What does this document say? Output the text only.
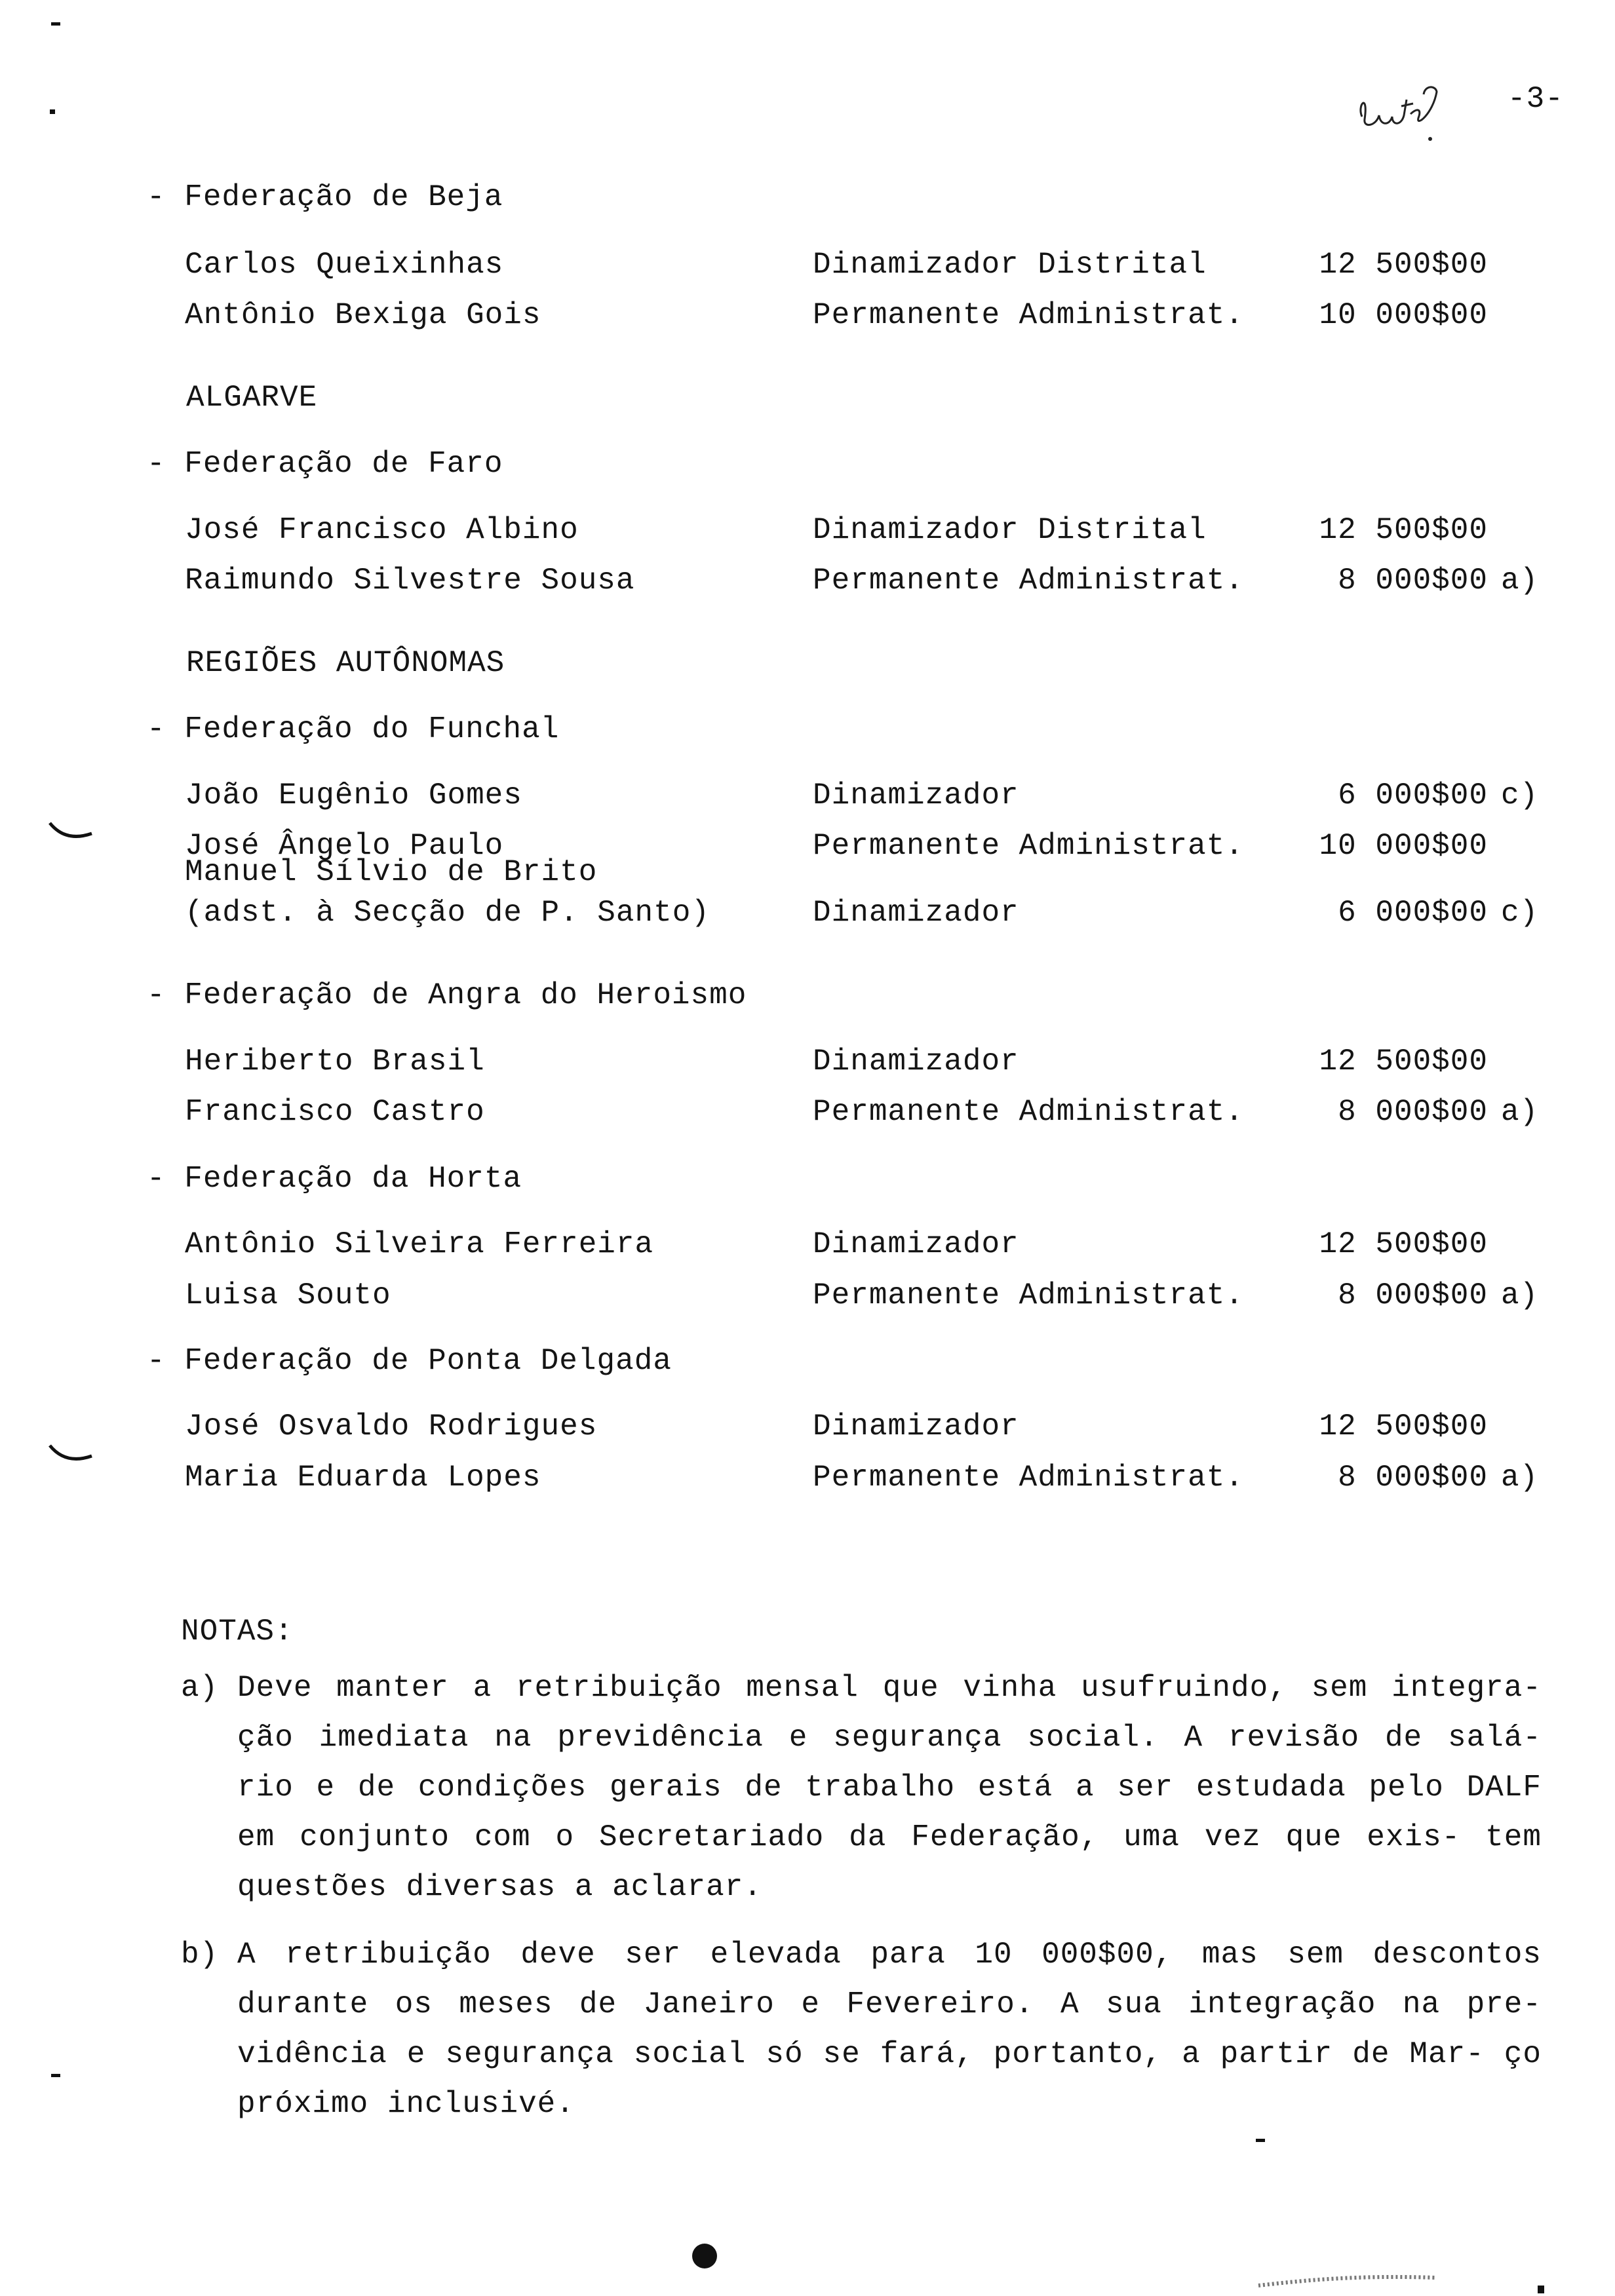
-3-
- Federação de Beja
Carlos Queixinhas	Dinamizador Distrital	12 500$00
Antônio Bexiga Gois	Permanente Administrat.	10 000$00
ALGARVE
- Federação de Faro
José Francisco Albino	Dinamizador Distrital	12 500$00
Raimundo Silvestre Sousa	Permanente Administrat.	8 000$00 a)
REGIÕES AUTÔNOMAS
- Federação do Funchal
João Eugênio Gomes	Dinamizador	6 000$00 c)
José Ângelo Paulo	Permanente Administrat.	10 000$00
Manuel Sílvio de Brito
(adst. à Secção de P. Santo)	Dinamizador	6 000$00 c)
- Federação de Angra do Heroismo
Heriberto Brasil	Dinamizador	12 500$00
Francisco Castro	Permanente Administrat.	8 000$00 a)
- Federação da Horta
Antônio Silveira Ferreira	Dinamizador	12 500$00
Luisa Souto	Permanente Administrat.	8 000$00 a)
- Federação de Ponta Delgada
José Osvaldo Rodrigues	Dinamizador	12 500$00
Maria Eduarda Lopes	Permanente Administrat.	8 000$00 a)
NOTAS:
a) Deve manter a retribuição mensal que vinha usufruindo, sem integra- ção imediata na previdência e segurança social. A revisão de salá- rio e de condições gerais de trabalho está a ser estudada pelo DALF em conjunto com o Secretariado da Federação, uma vez que exis- tem questões diversas a aclarar.
b) A retribuição deve ser elevada para 10 000$00, mas sem descontos durante os meses de Janeiro e Fevereiro. A sua integração na pre- vidência e segurança social só se fará, portanto, a partir de Mar- ço próximo inclusivé.
